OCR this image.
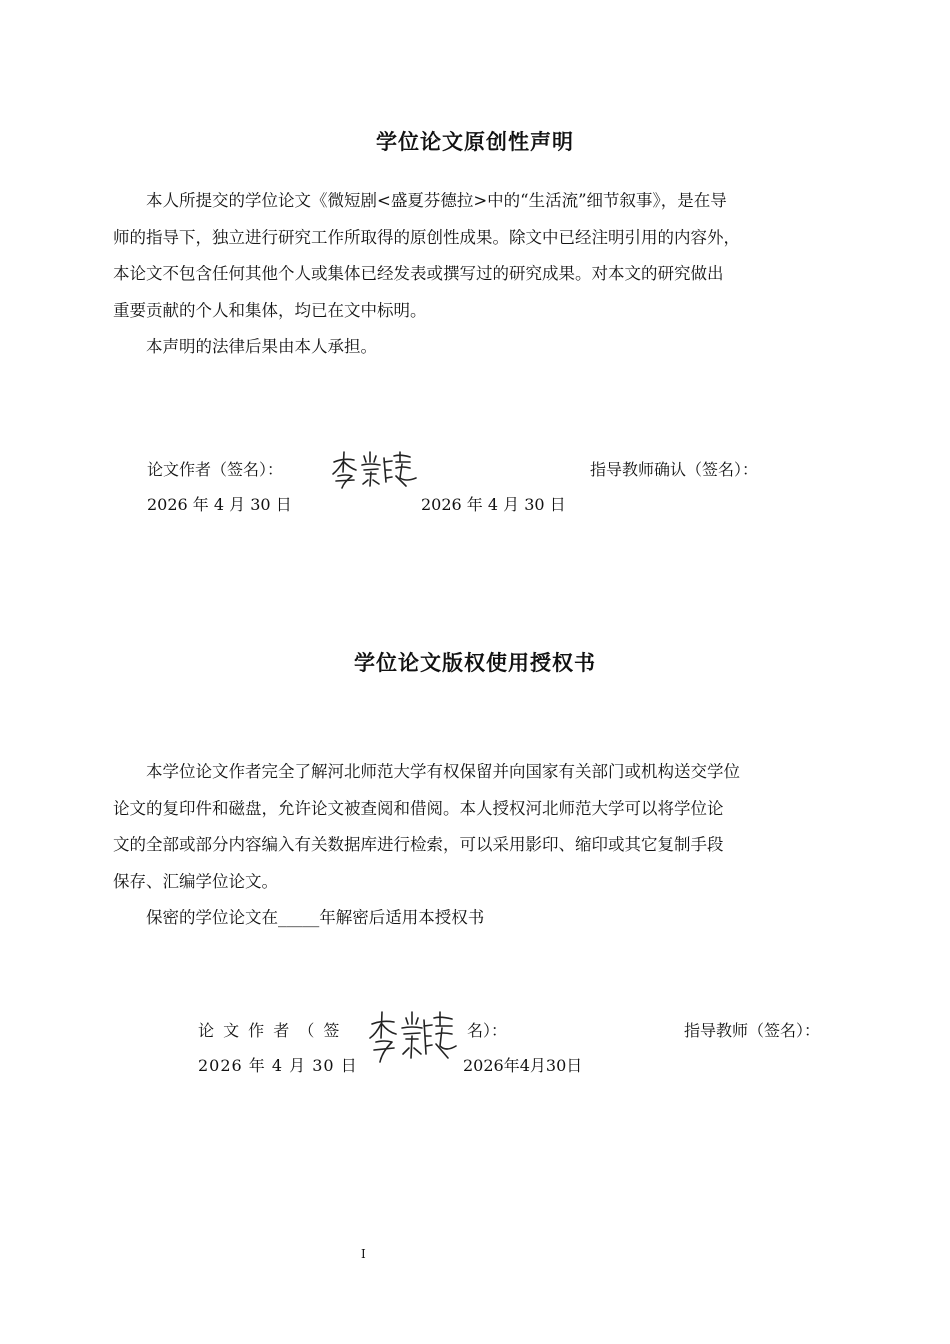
学位论文原创性声明
本人所提交的学位论文《微短剧<盛夏芬德拉>中的“生活流”细节叙事》，是在导
师的指导下，独立进行研究工作所取得的原创性成果。除文中已经注明引用的内容外，
本论文不包含任何其他个人或集体已经发表或撰写过的研究成果。对本文的研究做出
重要贡献的个人和集体，均已在文中标明。
本声明的法律后果由本人承担。
论文作者（签名）：	指导教师确认（签名）：
2026 年 4 月 30 日	2026 年 4 月 30 日
学位论文版权使用授权书
本学位论文作者完全了解河北师范大学有权保留并向国家有关部门或机构送交学位
论文的复印件和磁盘，允许论文被查阅和借阅。本人授权河北师范大学可以将学位论
文的全部或部分内容编入有关数据库进行检索，可以采用影印、缩印或其它复制手段
保存、汇编学位论文。
保密的学位论文在_____年解密后适用本授权书
论 文 作 者 （ 签	名）：	指导教师（签名）：
2026 年 4 月 30 日	2026年4月30日
I
